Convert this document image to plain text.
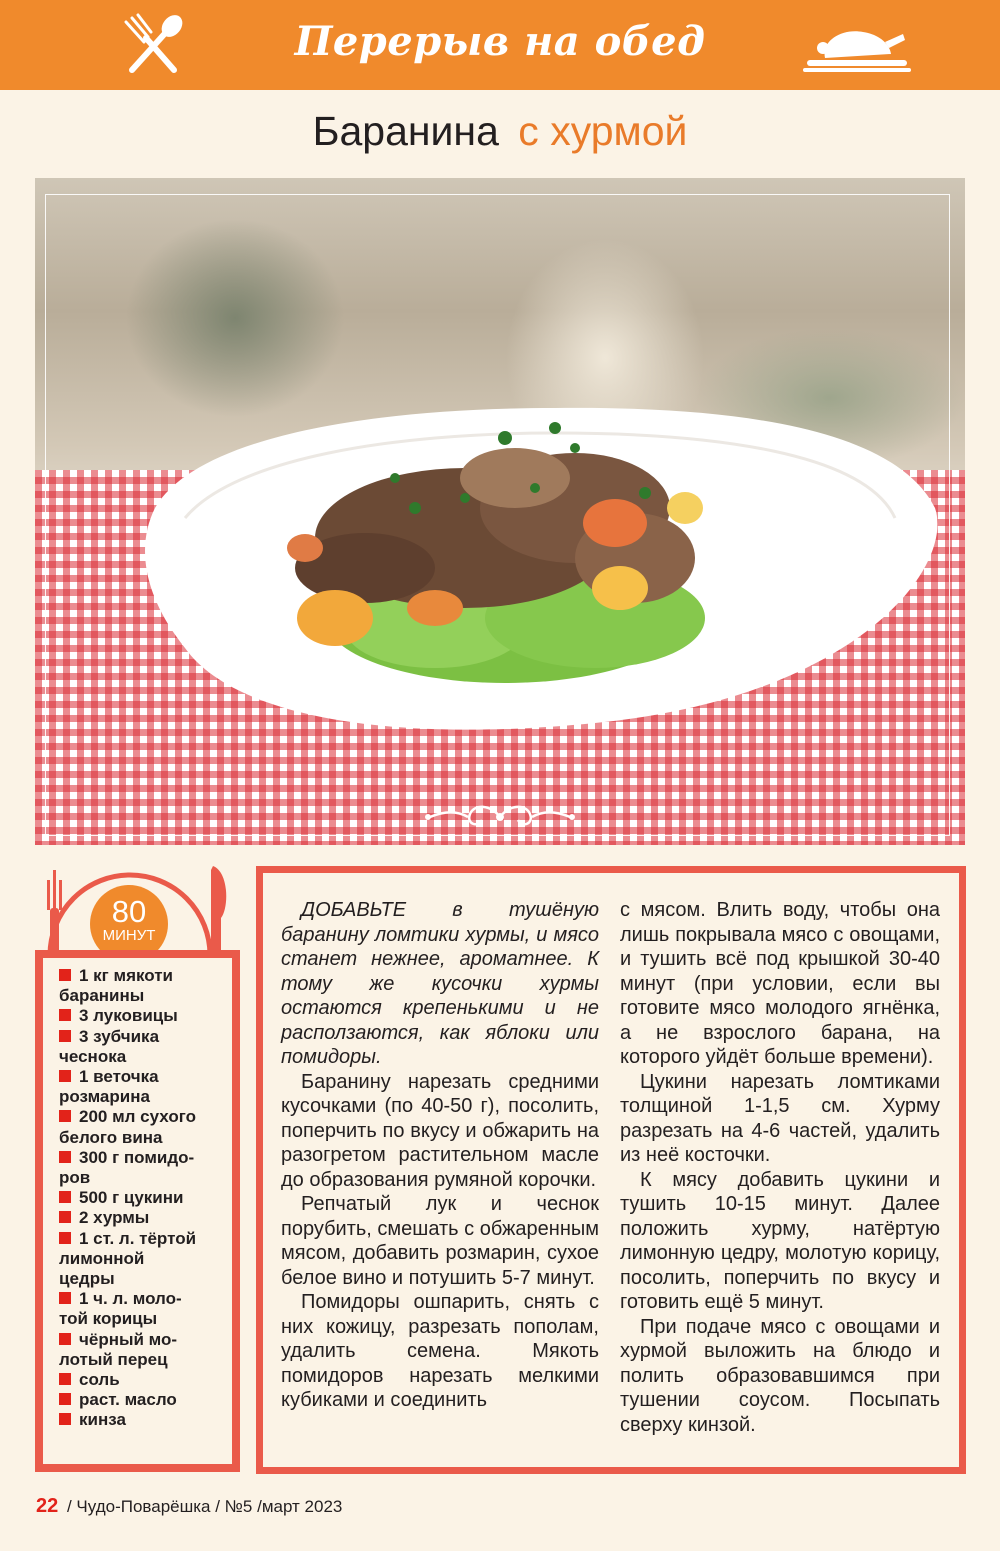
Перерыв на обед
Баранина с хурмой
80
МИНУТ
1 кг мякоти
баранины
3 луковицы
3 зубчика
чеснока
1 веточка
розмарина
200 мл сухого
белого вина
300 г помидо-
ров
500 г цукини
2 хурмы
1 ст. л. тёртой
лимонной
цедры
1 ч. л. моло-
той корицы
чёрный мо-
лотый перец
соль
раст. масло
кинза

ДОБАВЬТЕ в тушёную баранину ломтики хурмы, и мясо станет нежнее, ароматнее. К тому же кусочки хурмы остаются крепенькими и не расползаются, как яблоки или помидоры.

Баранину нарезать средними кусочками (по 40-50 г), посолить, поперчить по вкусу и обжарить на разогретом растительном масле до образования румяной корочки.

Репчатый лук и чеснок порубить, смешать с обжаренным мясом, добавить розмарин, сухое белое вино и потушить 5-7 минут.

Помидоры ошпарить, снять с них кожицу, разрезать пополам, удалить семена. Мякоть помидоров нарезать мелкими кубиками и соединить

с мясом. Влить воду, чтобы она лишь покрывала мясо с овощами, и тушить всё под крышкой 30-40 минут (при условии, если вы готовите мясо молодого ягнёнка, а не взрослого барана, на которого уйдёт больше времени).

Цукини нарезать ломтиками толщиной 1-1,5 см. Хурму разрезать на 4-6 частей, удалить из неё косточки.

К мясу добавить цукини и тушить 10-15 минут. Далее положить хурму, натёртую лимонную цедру, молотую корицу, посолить, поперчить по вкусу и готовить ещё 5 минут.

При подаче мясо с овощами и хурмой выложить на блюдо и полить образовавшимся при тушении соусом. Посыпать сверху кинзой.

22 / Чудо-Поварёшка / №5 /март 2023
